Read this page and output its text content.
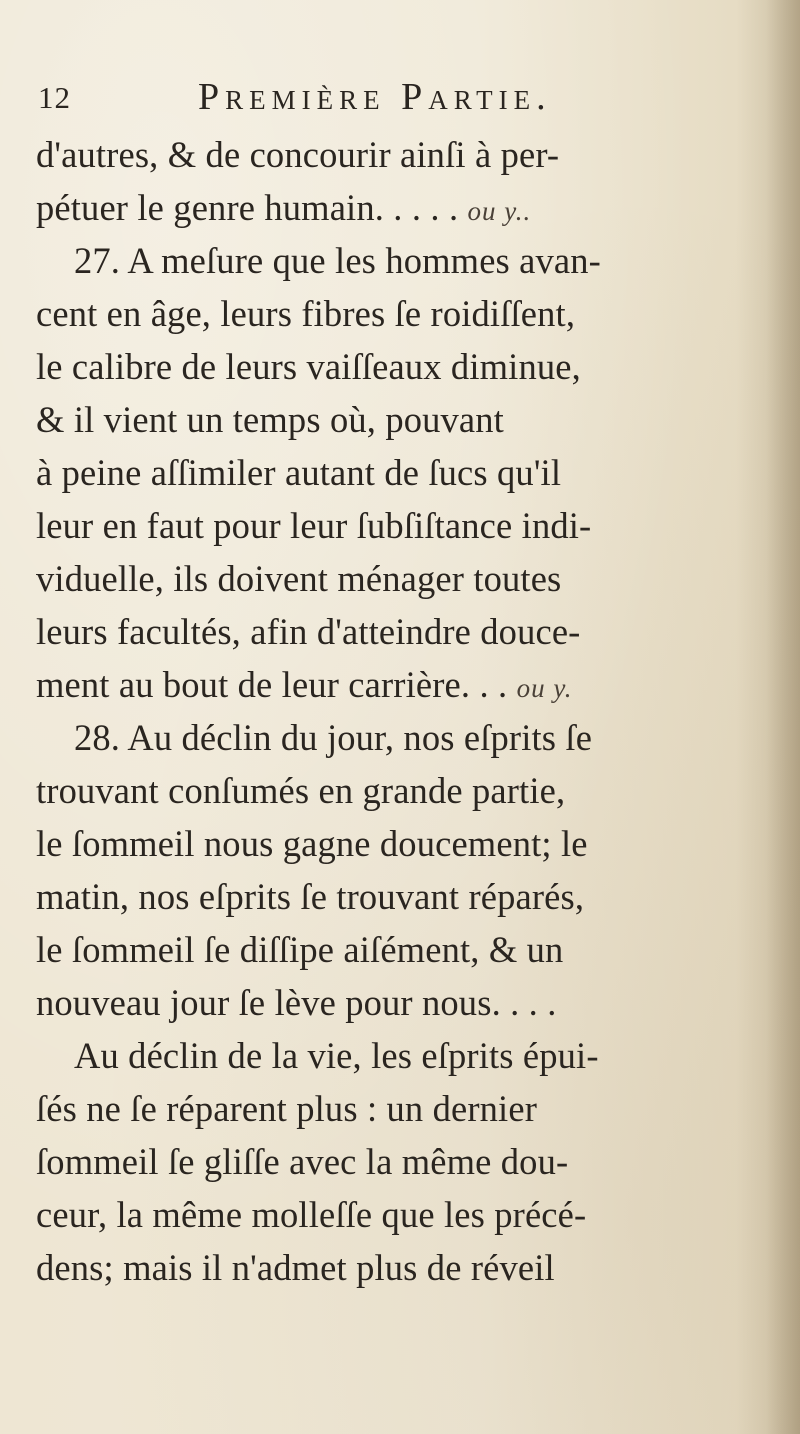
12	Première Partie.
d'autres, & de concourir ainſi à per-
pétuer le genre humain. . . . . ou y..
27. A meſure que les hommes avan-
cent en âge, leurs fibres ſe roidiſſent,
le calibre de leurs vaiſſeaux diminue,
& il vient un temps où, pouvant
à peine aſſimiler autant de ſucs qu'il
leur en faut pour leur ſubſiſtance indi-
viduelle, ils doivent ménager toutes
leurs facultés, afin d'atteindre douce-
ment au bout de leur carrière. . . ou y.
28. Au déclin du jour, nos eſprits ſe
trouvant conſumés en grande partie,
le ſommeil nous gagne doucement; le
matin, nos eſprits ſe trouvant réparés,
le ſommeil ſe diſſipe aiſément, & un
nouveau jour ſe lève pour nous. . . .
Au déclin de la vie, les eſprits épui-
ſés ne ſe réparent plus : un dernier
ſommeil ſe gliſſe avec la même dou-
ceur, la même molleſſe que les précé-
dens; mais il n'admet plus de réveil
